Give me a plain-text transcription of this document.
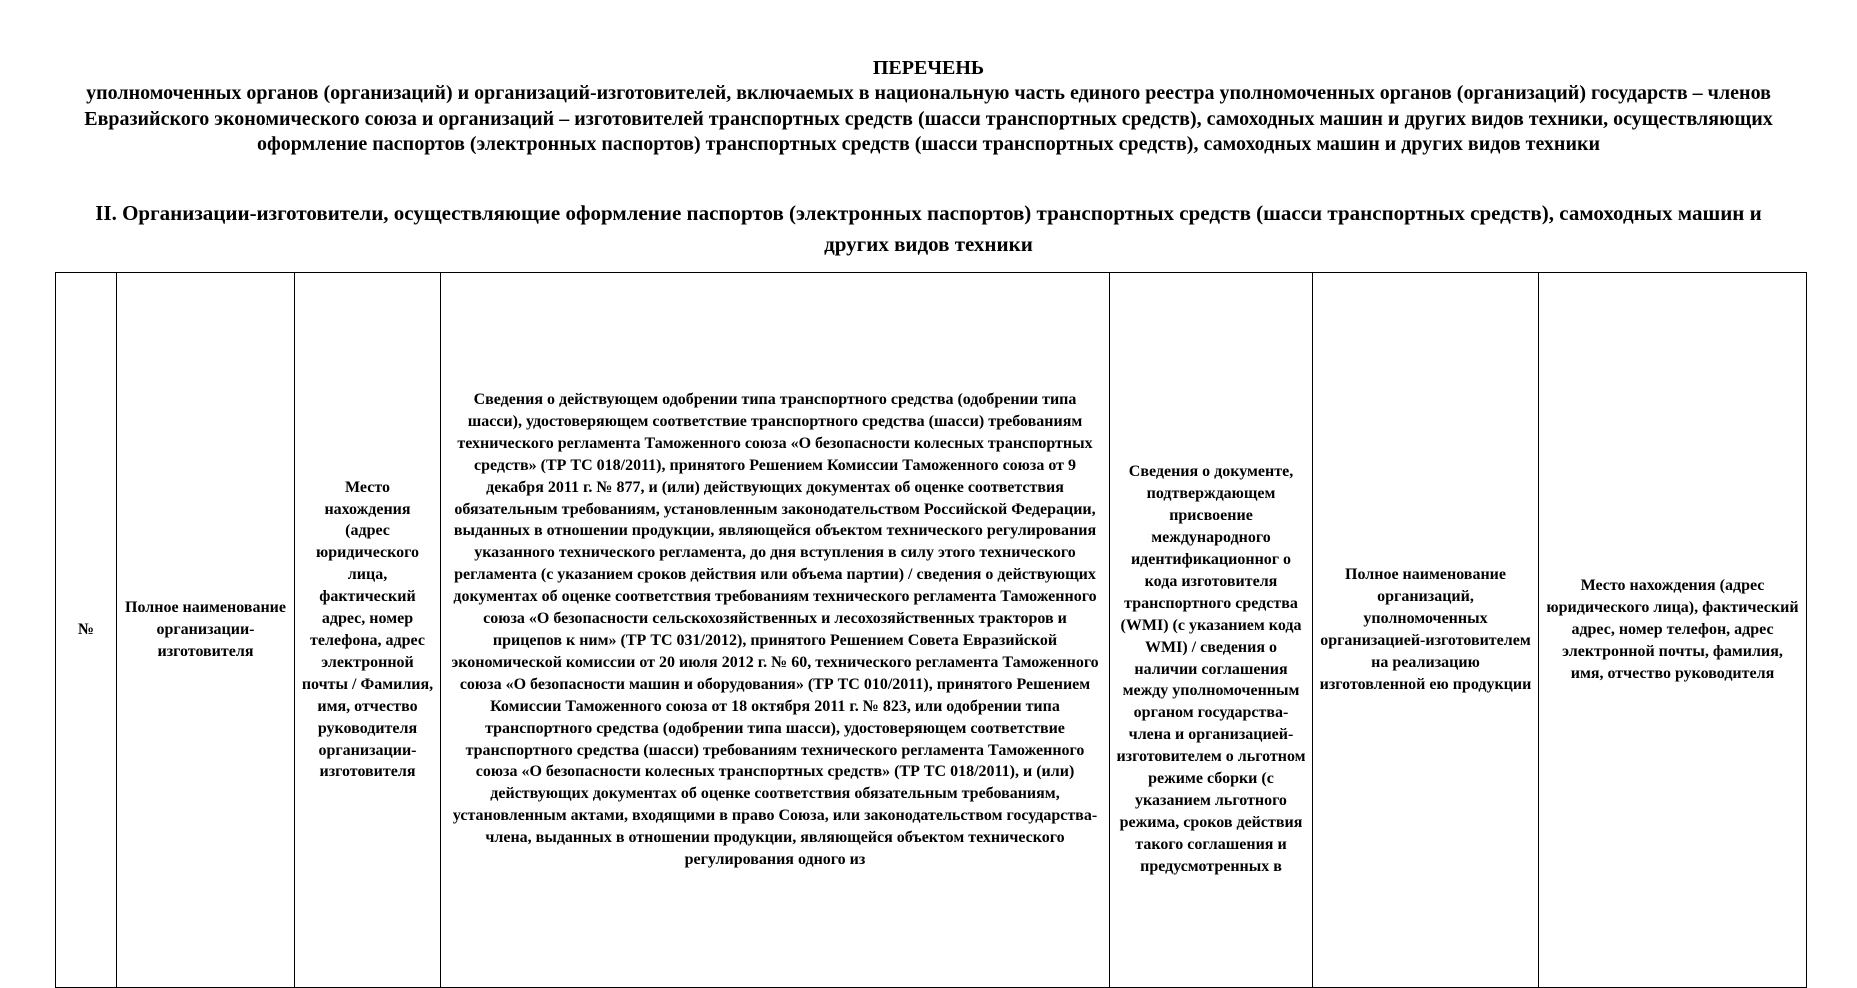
ПЕРЕЧЕНЬ

уполномоченных органов (организаций) и организаций-изготовителей, включаемых в национальную часть единого реестра уполномоченных органов (организаций) государств – членов Евразийского экономического союза и организаций – изготовителей транспортных средств (шасси транспортных средств), самоходных машин и других видов техники, осуществляющих оформление паспортов (электронных паспортов) транспортных средств (шасси транспортных средств), самоходных машин и других видов техники

II. Организации-изготовители, осуществляющие оформление паспортов (электронных паспортов) транспортных средств (шасси транспортных средств), самоходных машин и других видов техники
№	Полное наименование организации-изготовителя	Место нахождения (адрес юридического лица, фактический адрес, номер телефона, адрес электронной почты / Фамилия, имя, отчество руководителя организации-изготовителя	Сведения о действующем одобрении типа транспортного средства (одобрении типа шасси), удостоверяющем соответствие транспортного средства (шасси) требованиям технического регламента Таможенного союза «О безопасности колесных транспортных средств» (ТР ТС 018/2011), принятого Решением Комиссии Таможенного союза от 9 декабря 2011 г. № 877, и (или) действующих документах об оценке соответствия обязательным требованиям, установленным законодательством Российской Федерации, выданных в отношении продукции, являющейся объектом технического регулирования указанного технического регламента, до дня вступления в силу этого технического регламента (с указанием сроков действия или объема партии) / сведения о действующих документах об оценке соответствия требованиям технического регламента Таможенного союза «О безопасности сельскохозяйственных и лесохозяйственных тракторов и прицепов к ним» (ТР ТС 031/2012), принятого Решением Совета Евразийской экономической комиссии от 20 июля 2012 г. № 60, технического регламента Таможенного союза «О безопасности машин и оборудования» (ТР ТС 010/2011), принятого Решением Комиссии Таможенного союза от 18 октября 2011 г. № 823, или одобрении типа транспортного средства (одобрении типа шасси), удостоверяющем соответствие транспортного средства (шасси) требованиям технического регламента Таможенного союза «О безопасности колесных транспортных средств» (ТР ТС 018/2011), и (или) действующих документах об оценке соответствия обязательным требованиям, установленным актами, входящими в право Союза, или законодательством государства-члена, выданных в отношении продукции, являющейся объектом технического регулирования одного из	Сведения о документе, подтверждающем присвоение международного идентификационног о кода изготовителя транспортного средства (WMI) (с указанием кода WMI) / сведения о наличии соглашения между уполномоченным органом государства-члена и организацией-изготовителем о льготном режиме сборки (с указанием льготного режима, сроков действия такого соглашения и предусмотренных в	Полное наименование организаций, уполномоченных организацией-изготовителем на реализацию изготовленной ею продукции	Место нахождения (адрес юридического лица), фактический адрес, номер телефон, адрес электронной почты, фамилия, имя, отчество руководителя
